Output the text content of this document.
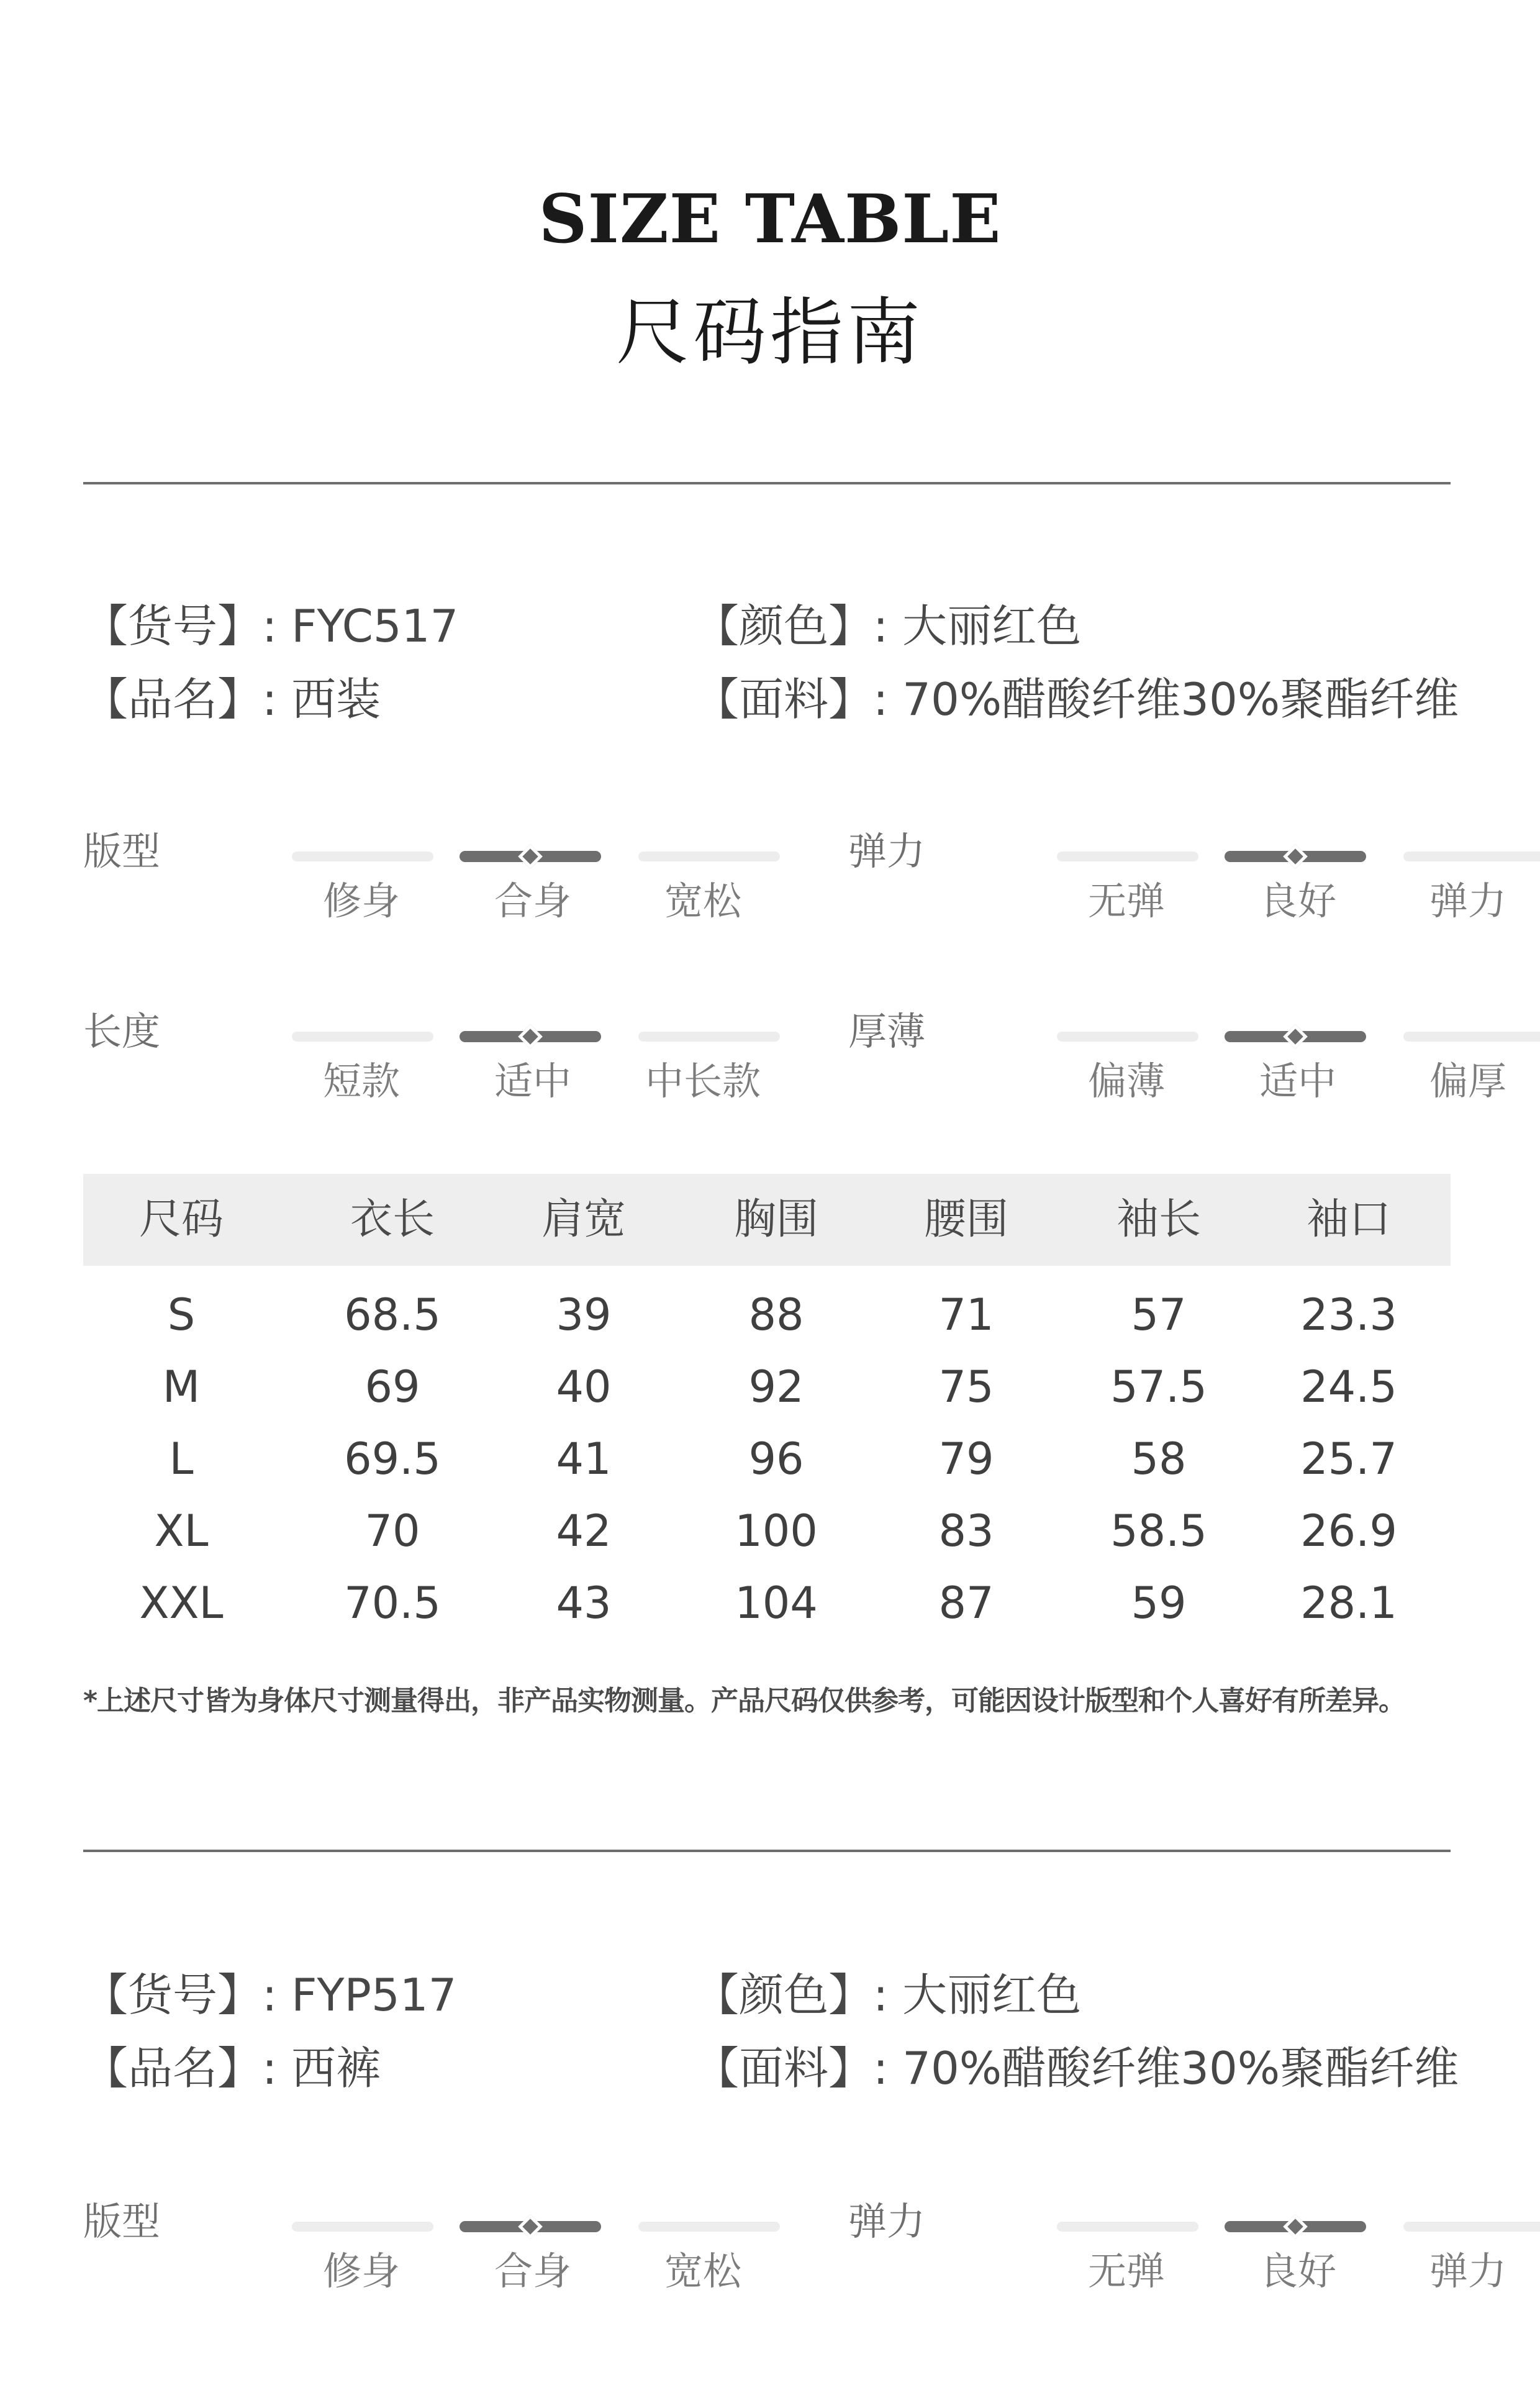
SIZE TABLE
尺码指南
【货号】: FYC517
【品名】: 西装
【颜色】: 大丽红色
【面料】: 70%醋酸纤维30%聚酯纤维
版型
修身	合身	宽松
弹力
无弹	良好	弹力
长度
短款	适中	中长款
厚薄
偏薄	适中	偏厚
尺码	衣长	肩宽	胸围	腰围	袖长	袖口
S	68.5	39	88	71	57	23.3
M	69	40	92	75	57.5	24.5
L	69.5	41	96	79	58	25.7
XL	70	42	100	83	58.5	26.9
XXL	70.5	43	104	87	59	28.1
*上述尺寸皆为身体尺寸测量得出，非产品实物测量。产品尺码仅供参考，可能因设计版型和个人喜好有所差异。
【货号】: FYP517
【品名】: 西裤
【颜色】: 大丽红色
【面料】: 70%醋酸纤维30%聚酯纤维
版型
修身	合身	宽松
弹力
无弹	良好	弹力
